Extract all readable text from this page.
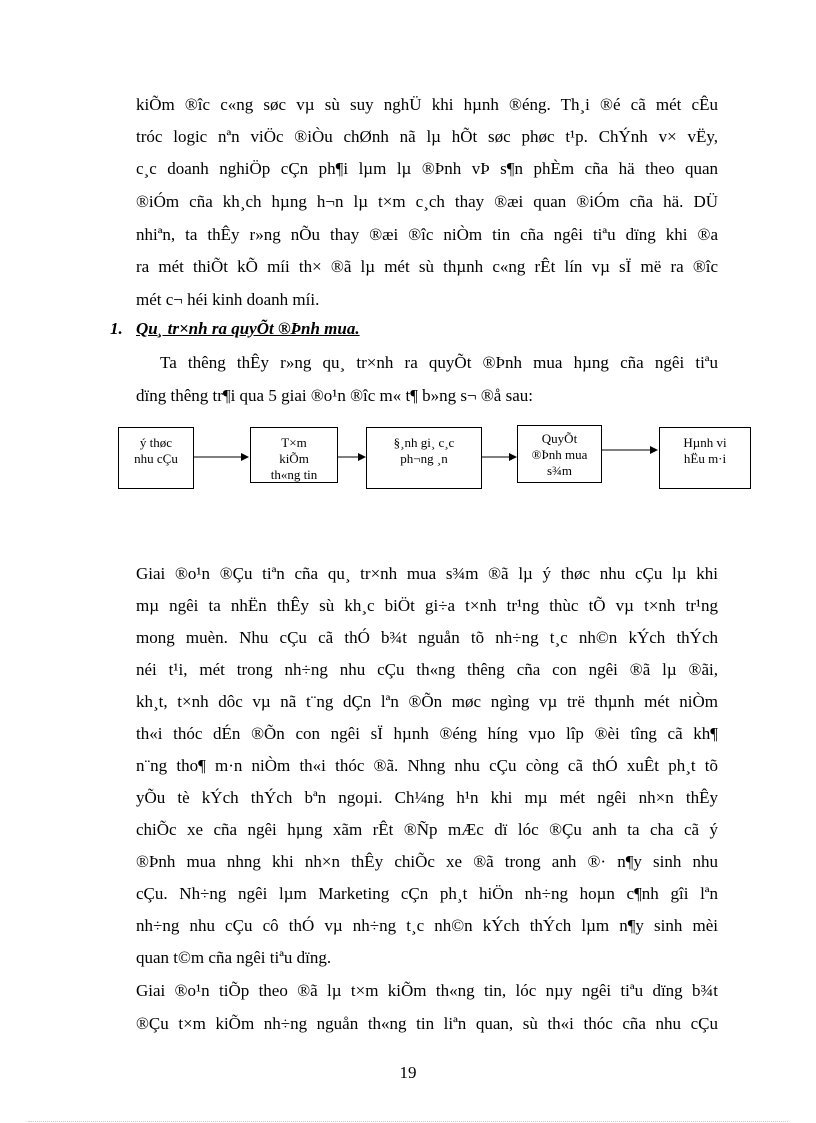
kiÕm ®îc c«ng søc vµ sù suy nghÜ khi hµnh ®éng. Th¸i ®é cã mét cÊu
tróc logic nªn viÖc ®iÒu chØnh nã lµ hÕt søc phøc t¹p. ChÝnh v× vËy,
c¸c doanh nghiÖp cÇn ph¶i lµm lµ ®Þnh vÞ s¶n phÈm cña hä theo quan
®iÓm cña kh¸ch hµng h¬n lµ t×m c¸ch thay ®æi quan ®iÓm cña hä. DÜ
nhiªn, ta thÊy r»ng nÕu thay ®æi ®îc niÒm tin cña ngêi tiªu dïng khi ®a
ra mét thiÕt kÕ míi th× ®ã lµ mét sù thµnh c«ng rÊt lín vµ sÏ më ra ®îc
mét c¬ héi kinh doanh míi.
1. Qu¸ tr×nh ra quyÕt ®Þnh mua.
Ta thêng thÊy r»ng qu¸ tr×nh ra quyÕt ®Þnh mua hµng cña ngêi tiªu
dïng thêng tr¶i qua 5 giai ®o¹n ®îc m« t¶ b»ng s¬ ®å sau:
ý thøc
nhu cÇu
T×m
kiÕm
th«ng tin
§¸nh gi¸ c¸c
ph¬ng ¸n
QuyÕt
®Þnh mua
s¾m
Hµnh vi
hËu m·i
Giai ®o¹n ®Çu tiªn cña qu¸ tr×nh mua s¾m ®ã lµ ý thøc nhu cÇu lµ khi
mµ ngêi ta nhËn thÊy sù kh¸c biÖt gi÷a t×nh tr¹ng thùc tÕ vµ t×nh tr¹ng
mong muèn. Nhu cÇu cã thÓ b¾t nguån tõ nh÷ng t¸c nh©n kÝch thÝch
néi t¹i, mét trong nh÷ng nhu cÇu th«ng thêng cña con ngêi ®ã lµ ®ãi,
kh¸t, t×nh dôc vµ nã t¨ng dÇn lªn ®Õn møc ngìng vµ trë thµnh mét niÒm
th«i thóc dÉn ®Õn con ngêi sÏ hµnh ®éng híng vµo lîp ®èi tîng cã kh¶
n¨ng tho¶ m·n niÒm th«i thóc ®ã. Nhng nhu cÇu còng cã thÓ xuÊt ph¸t tõ
yÕu tè kÝch thÝch bªn ngoµi. Ch¼ng h¹n khi mµ mét ngêi nh×n thÊy
chiÕc xe cña ngêi hµng xãm rÊt ®Ñp mÆc dï lóc ®Çu anh ta cha cã ý
®Þnh mua nhng khi nh×n thÊy chiÕc xe ®ã trong anh ®· n¶y sinh nhu
cÇu. Nh÷ng ngêi lµm Marketing cÇn ph¸t hiÖn nh÷ng hoµn c¶nh gîi lªn
nh÷ng nhu cÇu cô thÓ vµ nh÷ng t¸c nh©n kÝch thÝch lµm n¶y sinh mèi
quan t©m cña ngêi tiªu dïng.
Giai ®o¹n tiÕp theo ®ã lµ t×m kiÕm th«ng tin, lóc nµy ngêi tiªu dïng b¾t
®Çu t×m kiÕm nh÷ng nguån th«ng tin liªn quan, sù th«i thóc cña nhu cÇu
19
